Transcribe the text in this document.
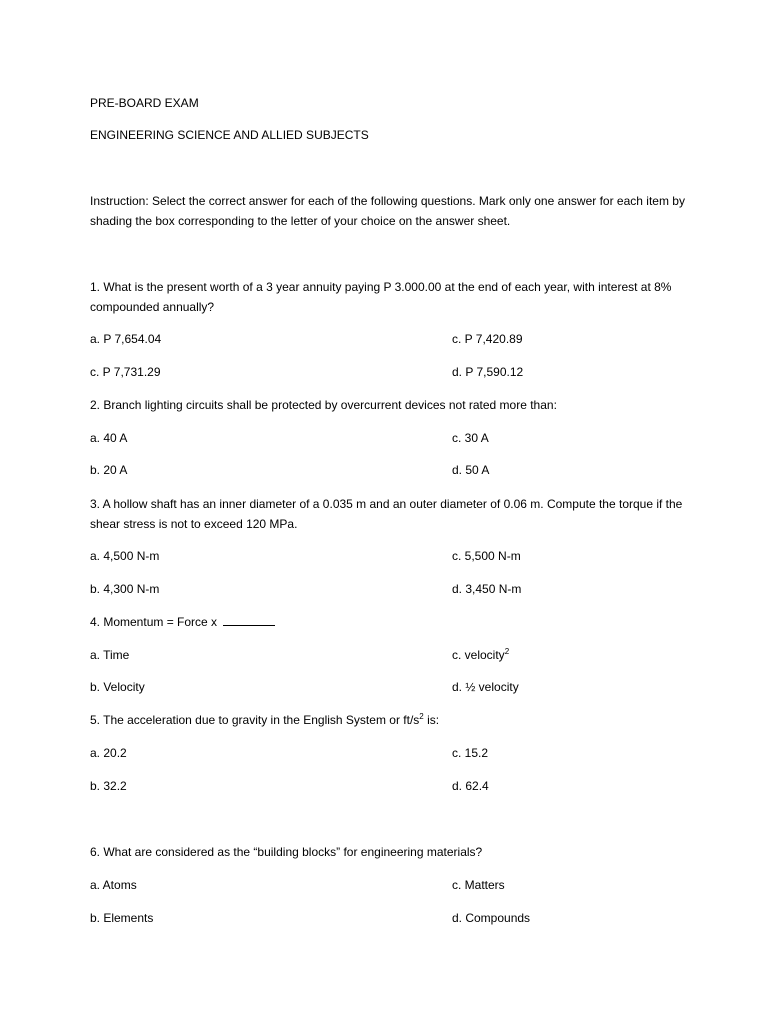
PRE-BOARD EXAM
ENGINEERING SCIENCE AND ALLIED SUBJECTS
Instruction: Select the correct answer for each of the following questions. Mark only one answer for each item by shading the box corresponding to the letter of your choice on the answer sheet.
1. What is the present worth of a 3 year annuity paying P 3.000.00 at the end of each year, with interest at 8% compounded annually?
a. P 7,654.04	c. P 7,420.89
c. P 7,731.29	d. P 7,590.12
2. Branch lighting circuits shall be protected by overcurrent devices not rated more than:
a. 40 A	c. 30 A
b. 20 A	d. 50 A
3. A hollow shaft has an inner diameter of a 0.035 m and an outer diameter of 0.06 m. Compute the torque if the shear stress is not to exceed 120 MPa.
a. 4,500 N-m	c. 5,500 N-m
b. 4,300 N-m	d. 3,450 N-m
4. Momentum = Force x
a. Time	c. velocity$^2$
b. Velocity	d. ½ velocity
5. The acceleration due to gravity in the English System or $ft/s^2$ is:
a. 20.2	c. 15.2
b. 32.2	d. 62.4
6. What are considered as the “building blocks” for engineering materials?
a. Atoms	c. Matters
b. Elements	d. Compounds
